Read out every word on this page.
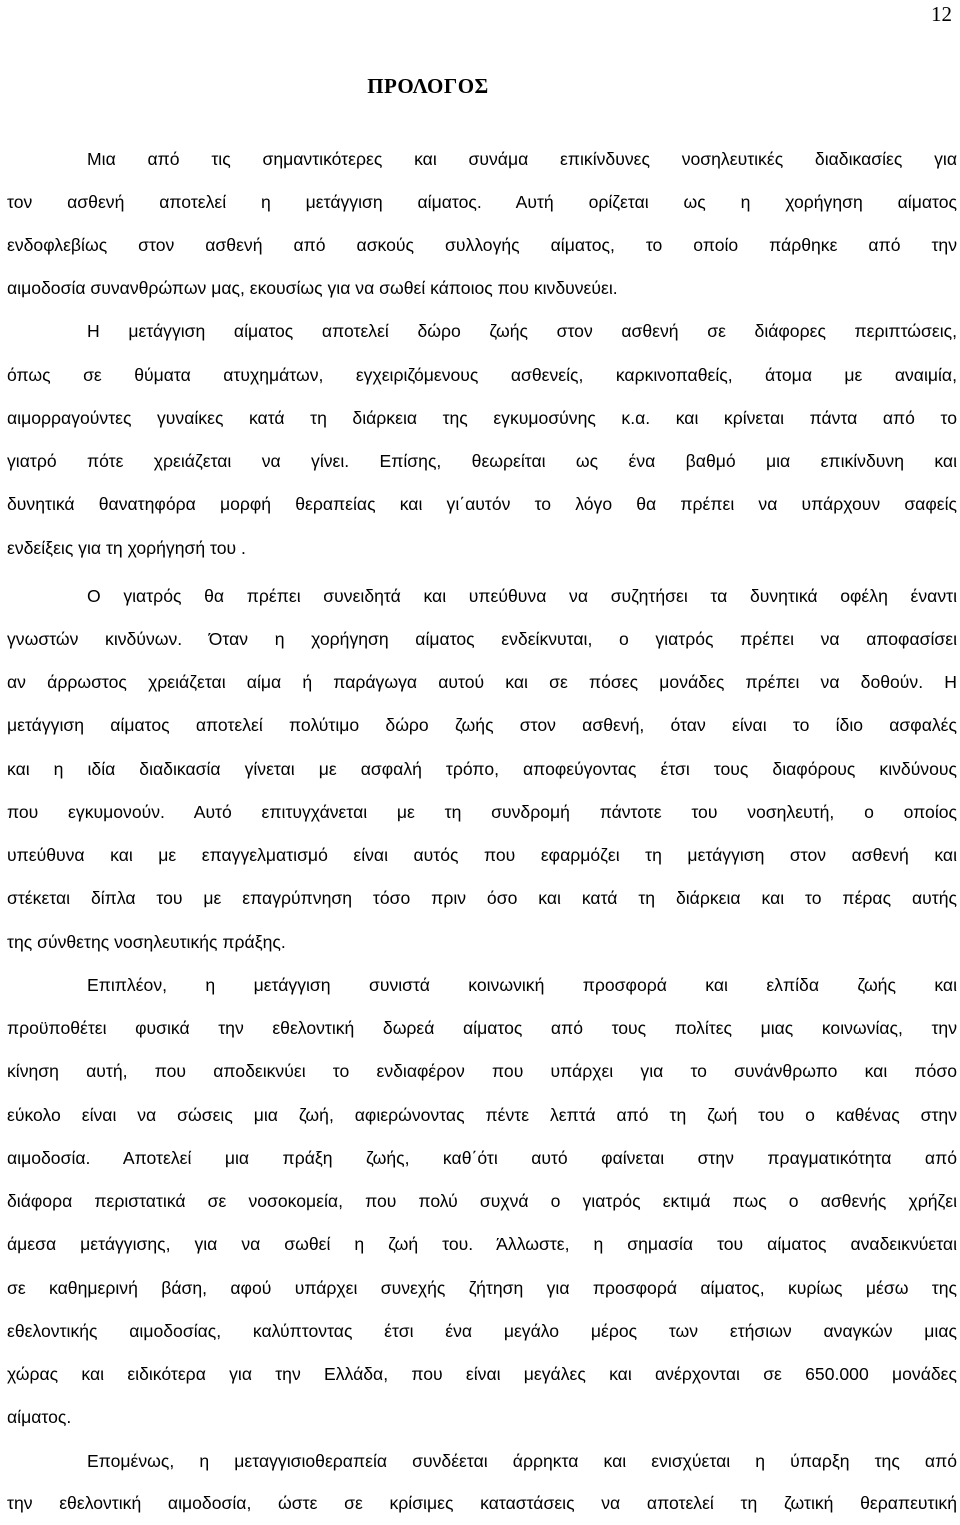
12
ΠΡΟΛΟΓΟΣ
Μια από τις σημαντικότερες και συνάμα επικίνδυνες νοσηλευτικές διαδικασίες για
τον ασθενή αποτελεί η μετάγγιση αίματος. Αυτή ορίζεται ως η χορήγηση αίματος
ενδοφλεβίως στον ασθενή από ασκούς συλλογής αίματος, το οποίο πάρθηκε από την
αιμοδοσία συνανθρώπων μας, εκουσίως για να σωθεί κάποιος που κινδυνεύει.
Η μετάγγιση αίματος αποτελεί δώρο ζωής στον ασθενή σε διάφορες περιπτώσεις,
όπως σε θύματα ατυχημάτων, εγχειριζόμενους ασθενείς, καρκινοπαθείς, άτομα με αναιμία,
αιμορραγούντες γυναίκες κατά τη διάρκεια της εγκυμοσύνης κ.α. και κρίνεται πάντα από το
γιατρό πότε χρειάζεται να γίνει. Επίσης, θεωρείται ως ένα βαθμό μια επικίνδυνη και
δυνητικά θανατηφόρα μορφή θεραπείας και γι΄αυτόν το λόγο θα πρέπει να υπάρχουν σαφείς
ενδείξεις για τη χορήγησή του .
Ο γιατρός θα πρέπει συνειδητά και υπεύθυνα να συζητήσει τα δυνητικά οφέλη έναντι
γνωστών κινδύνων. Όταν η χορήγηση αίματος ενδείκνυται, ο γιατρός πρέπει να αποφασίσει
αν άρρωστος χρειάζεται αίμα ή παράγωγα αυτού και σε πόσες μονάδες πρέπει να δοθούν. Η
μετάγγιση αίματος αποτελεί πολύτιμο δώρο ζωής στον ασθενή, όταν είναι το ίδιο ασφαλές
και η ιδία διαδικασία γίνεται με ασφαλή τρόπο, αποφεύγοντας έτσι τους διαφόρους κινδύνους
που εγκυμονούν. Αυτό επιτυγχάνεται με τη συνδρομή πάντοτε του νοσηλευτή, ο οποίος
υπεύθυνα και με επαγγελματισμό είναι αυτός που εφαρμόζει τη μετάγγιση στον ασθενή και
στέκεται δίπλα του με επαγρύπνηση τόσο πριν όσο και κατά τη διάρκεια και το πέρας αυτής
της σύνθετης νοσηλευτικής πράξης.
Επιπλέον, η μετάγγιση συνιστά κοινωνική προσφορά και ελπίδα ζωής και
προϋποθέτει φυσικά την εθελοντική δωρεά αίματος από τους πολίτες μιας κοινωνίας, την
κίνηση αυτή, που αποδεικνύει το ενδιαφέρον που υπάρχει για το συνάνθρωπο και πόσο
εύκολο είναι να σώσεις μια ζωή, αφιερώνοντας πέντε λεπτά από τη ζωή του ο καθένας στην
αιμοδοσία. Αποτελεί μια πράξη ζωής, καθ΄ότι αυτό φαίνεται στην πραγματικότητα από
διάφορα περιστατικά σε νοσοκομεία, που πολύ συχνά ο γιατρός εκτιμά πως ο ασθενής χρήζει
άμεσα μετάγγισης, για να σωθεί η ζωή του. Άλλωστε, η σημασία του αίματος αναδεικνύεται
σε καθημερινή βάση, αφού υπάρχει συνεχής ζήτηση για προσφορά αίματος, κυρίως μέσω της
εθελοντικής αιμοδοσίας, καλύπτοντας έτσι ένα μεγάλο μέρος των ετήσιων αναγκών μιας
χώρας και ειδικότερα για την Ελλάδα, που είναι μεγάλες και ανέρχονται σε 650.000 μονάδες
αίματος.
Επομένως, η μεταγγισιοθεραπεία συνδέεται άρρηκτα και ενισχύεται η ύπαρξη της από
την εθελοντική αιμοδοσία, ώστε σε κρίσιμες καταστάσεις να αποτελεί τη ζωτική θεραπευτική
